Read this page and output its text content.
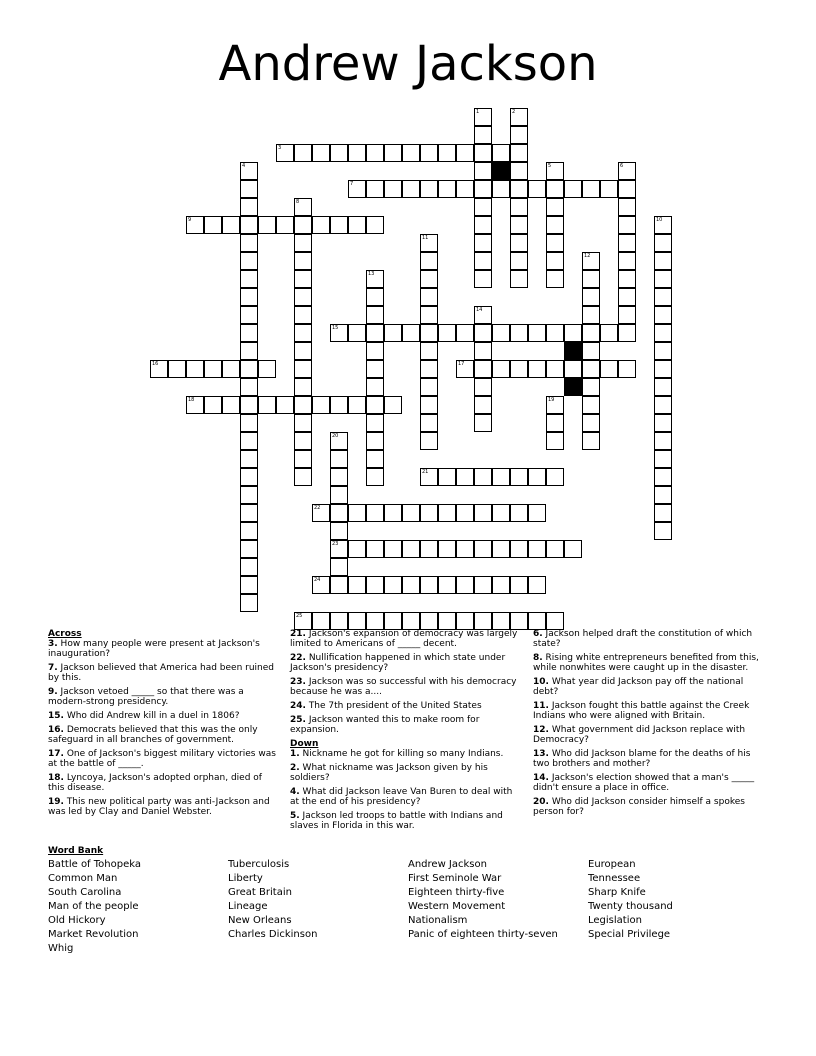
Andrew Jackson
1	2
3
4	5	6
7
8
9	10
11
12
13
14
15
16	17
18	19
20
23
21
22
24
25
Across
3. How many people were present at Jackson's inauguration?
7. Jackson believed that America had been ruined by this.
9. Jackson vetoed _____ so that there was a modern-strong presidency.
15. Who did Andrew kill in a duel in 1806?
16. Democrats believed that this was the only safeguard in all branches of government.
17. One of Jackson's biggest military victories was at the battle of _____.
18. Lyncoya, Jackson's adopted orphan, died of this disease.
19. This new political party was anti-Jackson and was led by Clay and Daniel Webster.
21. Jackson's expansion of democracy was largely limited to Americans of _____ decent.
22. Nullification happened in which state under Jackson's presidency?
23. Jackson was so successful with his democracy because he was a....
24. The 7th president of the United States
25. Jackson wanted this to make room for expansion.
Down
1. Nickname he got for killing so many Indians.
2. What nickname was Jackson given by his soldiers?
4. What did Jackson leave Van Buren to deal with at the end of his presidency?
5. Jackson led troops to battle with Indians and slaves in Florida in this war.
6. Jackson helped draft the constitution of which state?
8. Rising white entrepreneurs benefited from this, while nonwhites were caught up in the disaster.
10. What year did Jackson pay off the national debt?
11. Jackson fought this battle against the Creek Indians who were aligned with Britain.
12. What government did Jackson replace with Democracy?
13. Who did Jackson blame for the deaths of his two brothers and mother?
14. Jackson's election showed that a man's _____ didn't ensure a place in office.
20. Who did Jackson consider himself a spokes person for?
Word Bank
Battle of Tohopeka
Common Man
South Carolina
Man of the people
Old Hickory
Market Revolution
Whig
Tuberculosis
Liberty
Great Britain
Lineage
New Orleans
Charles Dickinson
Andrew Jackson
First Seminole War
Eighteen thirty-five
Western Movement
Nationalism
Panic of eighteen thirty-seven
European
Tennessee
Sharp Knife
Twenty thousand
Legislation
Special Privilege
